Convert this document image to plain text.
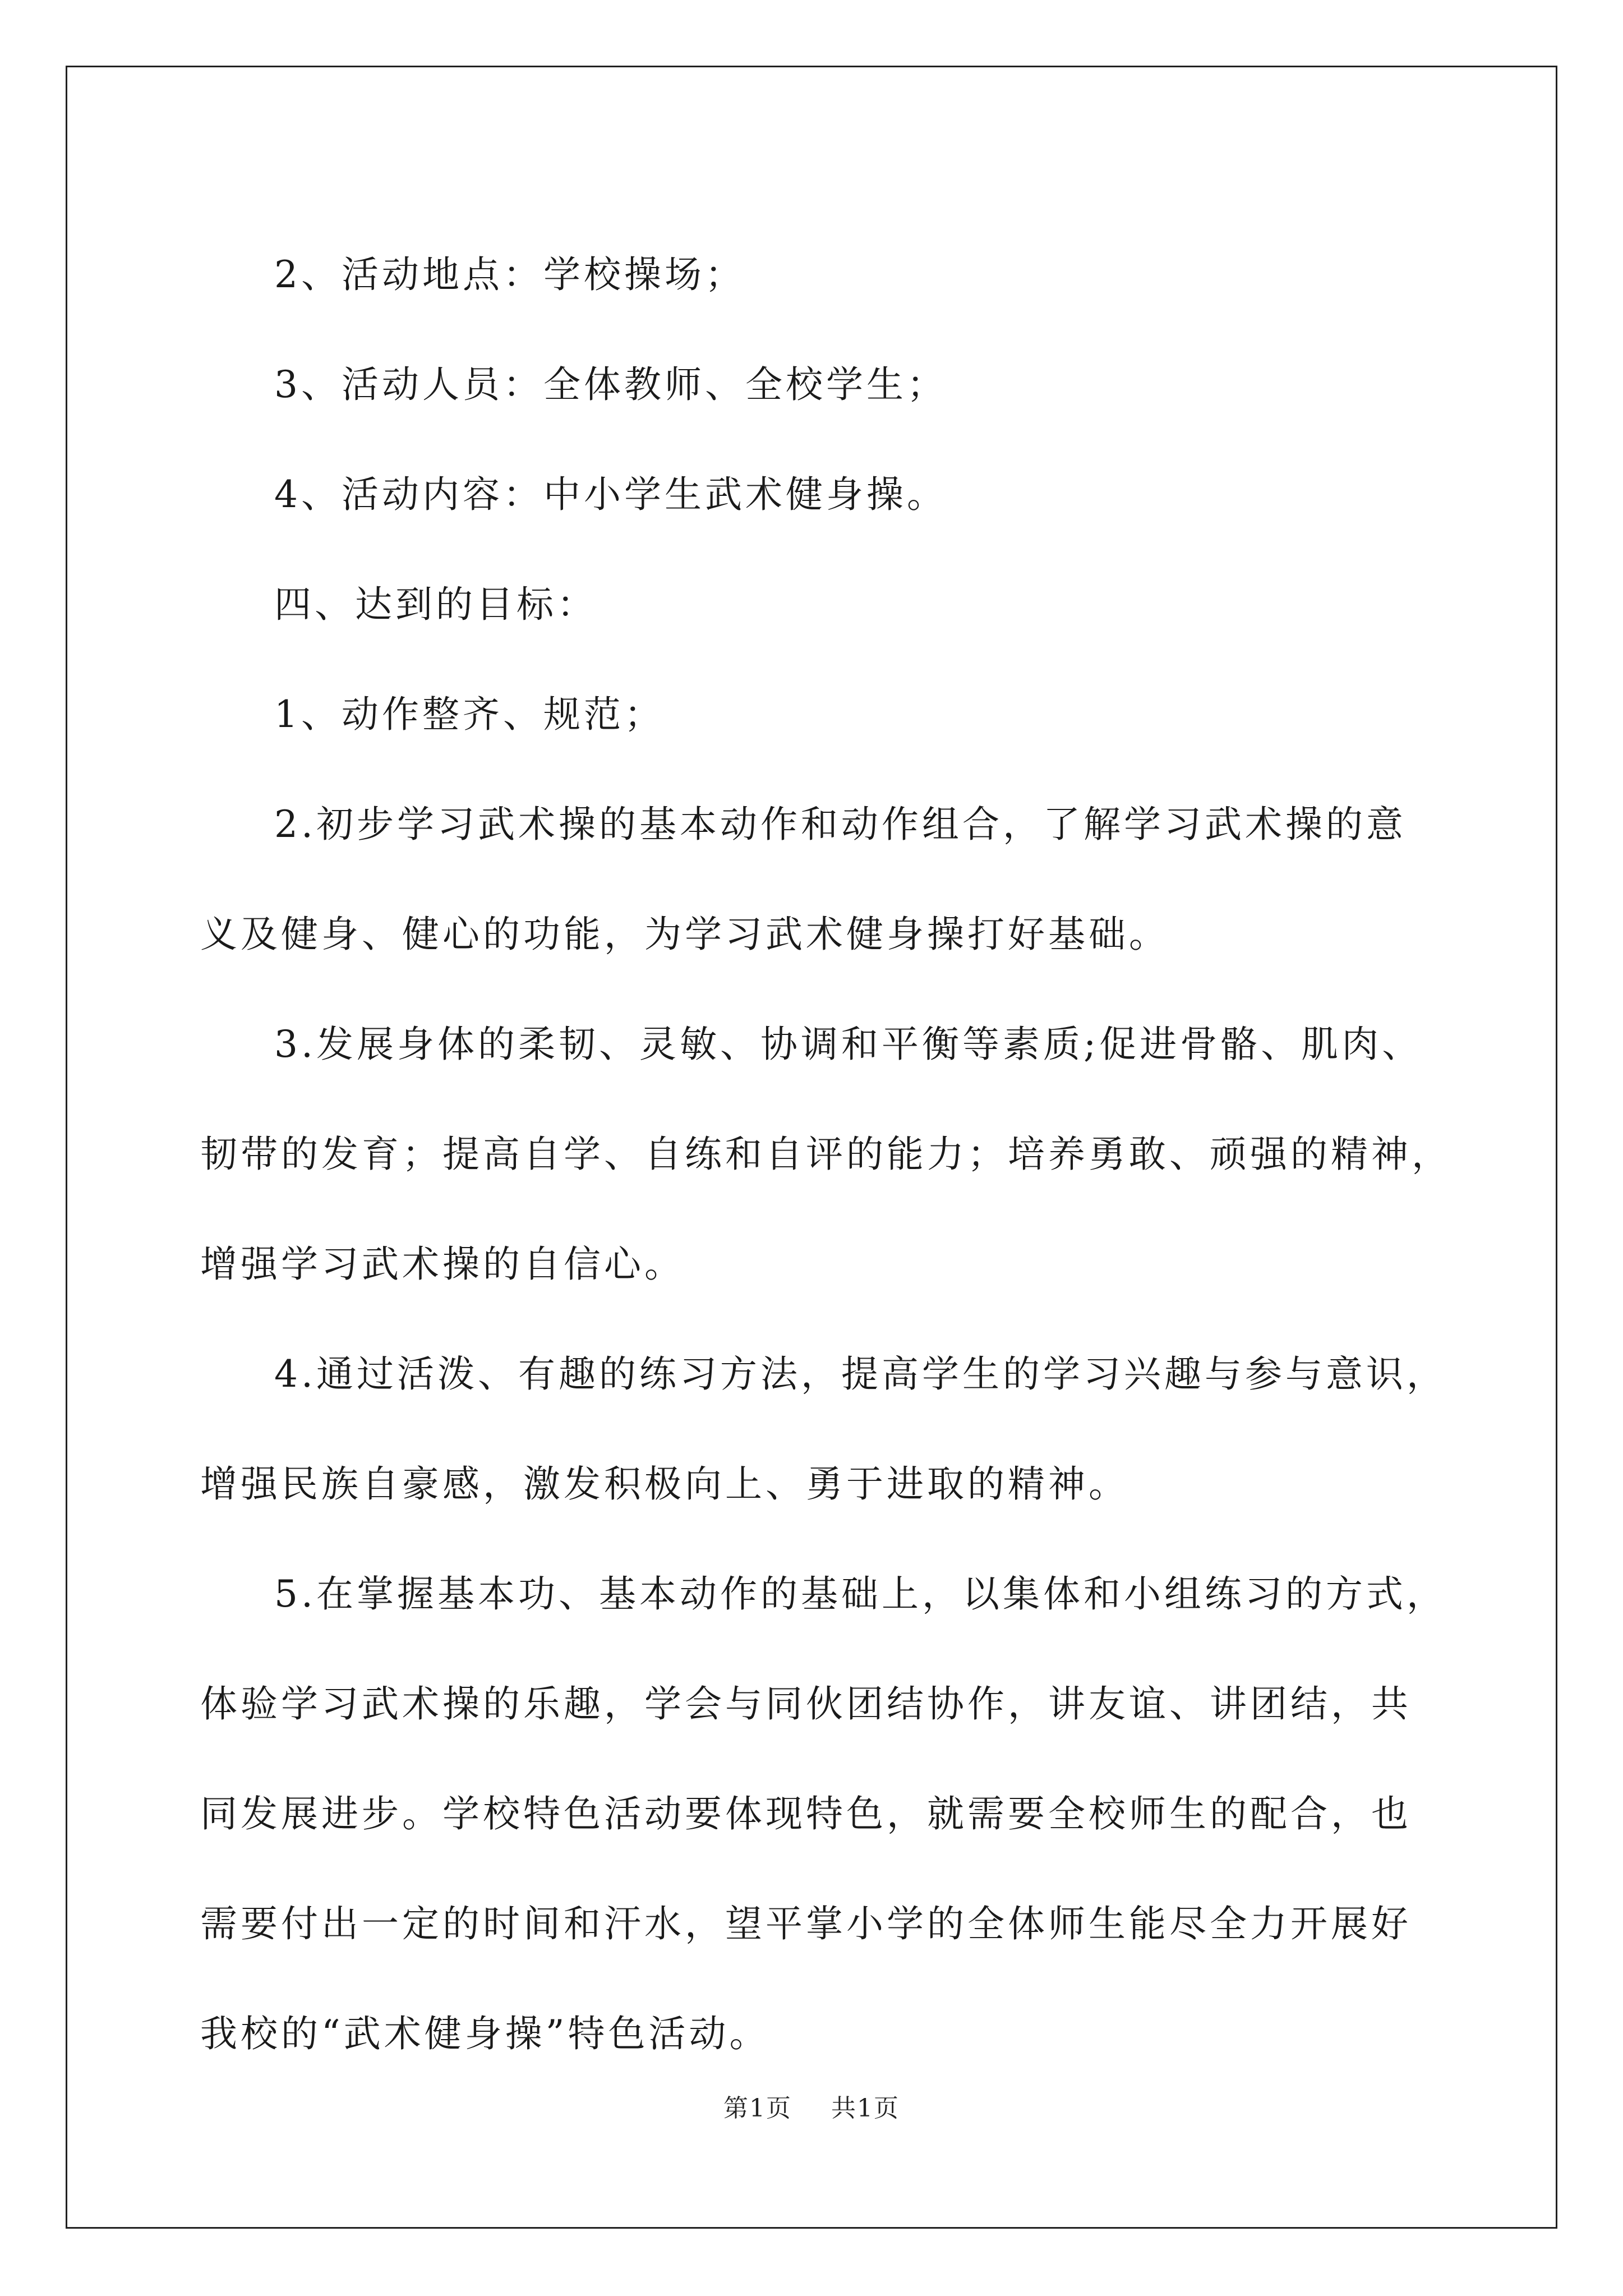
2、活动地点：学校操场；

3、活动人员：全体教师、全校学生；

4、活动内容：中小学生武术健身操。

四、达到的目标：

1、动作整齐、规范；

2.初步学习武术操的基本动作和动作组合，了解学习武术操的意
义及健身、健心的功能，为学习武术健身操打好基础。

3.发展身体的柔韧、灵敏、协调和平衡等素质;促进骨骼、肌肉、
韧带的发育；提高自学、自练和自评的能力；培养勇敢、顽强的精神，
增强学习武术操的自信心。

4.通过活泼、有趣的练习方法，提高学生的学习兴趣与参与意识，
增强民族自豪感，激发积极向上、勇于进取的精神。

5.在掌握基本功、基本动作的基础上，以集体和小组练习的方式，
体验学习武术操的乐趣，学会与同伙团结协作，讲友谊、讲团结，共
同发展进步。学校特色活动要体现特色，就需要全校师生的配合，也
需要付出一定的时间和汗水，望平掌小学的全体师生能尽全力开展好
我校的“武术健身操”特色活动。

第1页 共1页
